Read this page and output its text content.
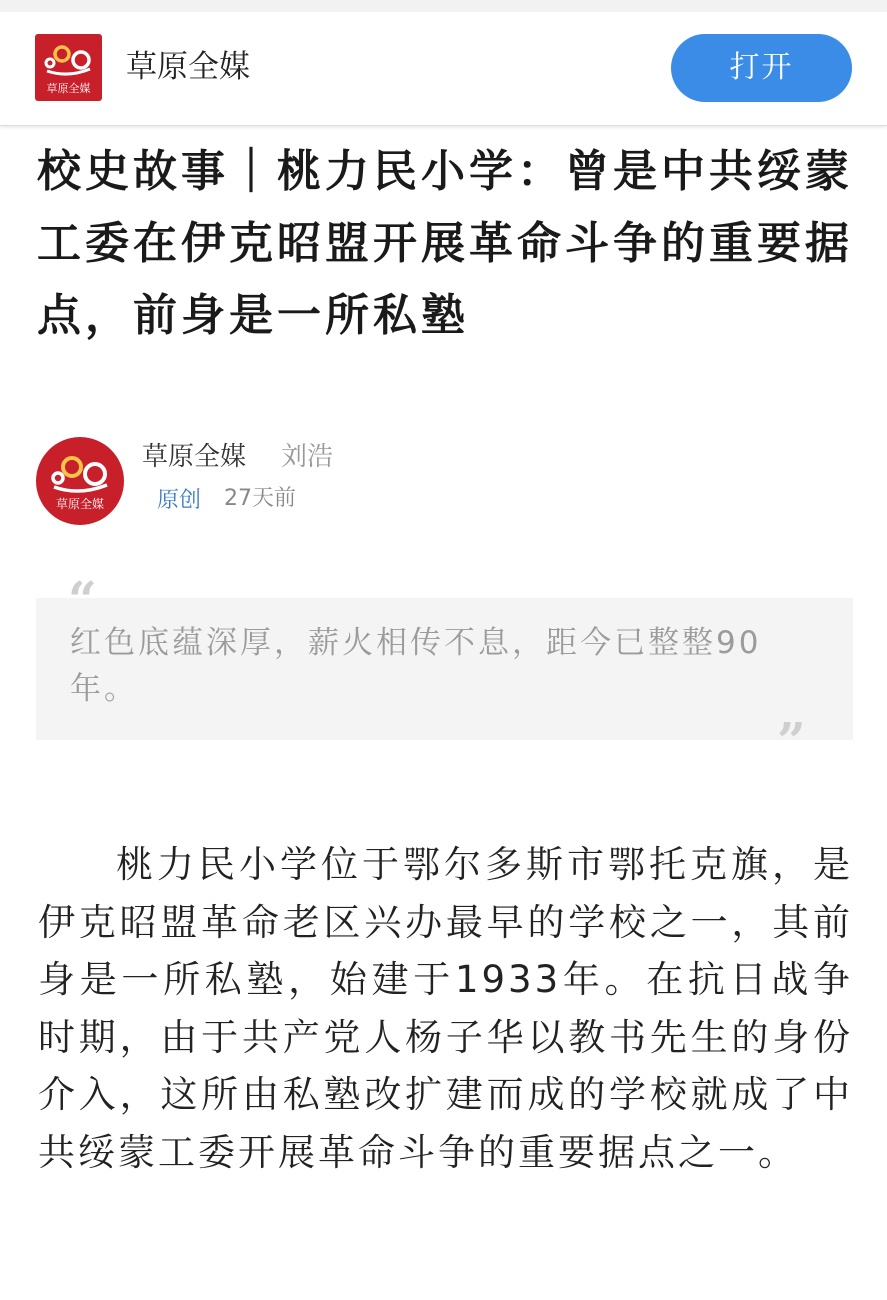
草原全媒
草原全媒	打开
校史故事｜桃力民小学：曾是中共绥蒙工委在伊克昭盟开展革命斗争的重要据点，前身是一所私塾
草原全媒
草原全媒 刘浩
原创 27天前
“
红色底蕴深厚，薪火相传不息，距今已整整90年。
”

桃力民小学位于鄂尔多斯市鄂托克旗，是伊克昭盟革命老区兴办最早的学校之一，其前身是一所私塾，始建于1933年。在抗日战争时期，由于共产党人杨子华以教书先生的身份介入，这所由私塾改扩建而成的学校就成了中共绥蒙工委开展革命斗争的重要据点之一。
